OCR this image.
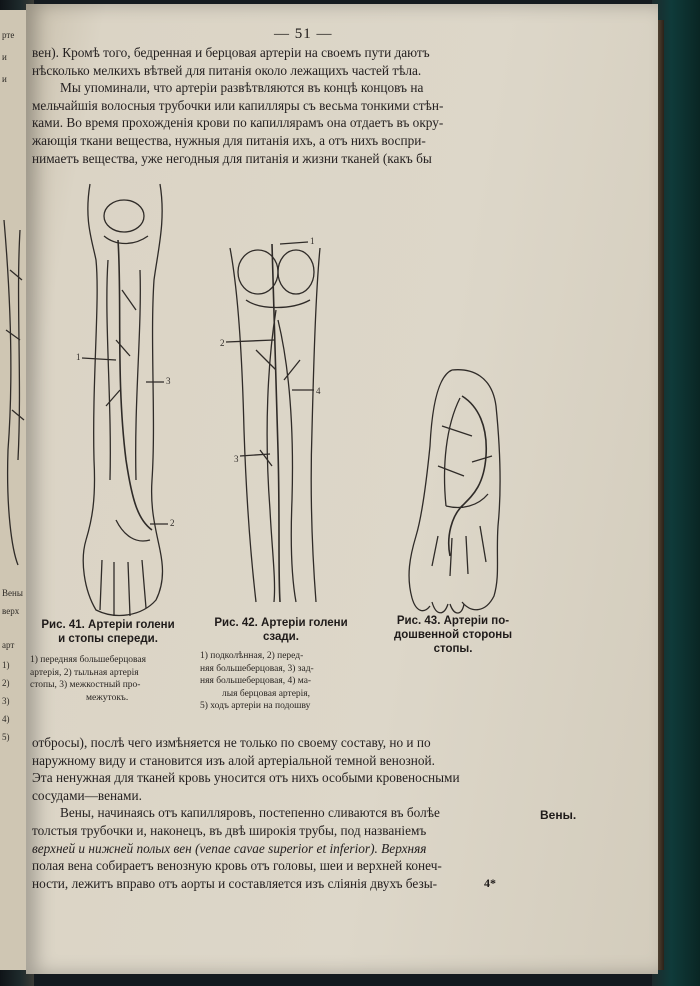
рте
и
и
Вены
верх
арт
1)
2)
3)
4)
5)
— 51 —
вен). Кромѣ того, бедренная и берцовая артеріи на своемъ пути даютъ
нѣсколько мелкихъ вѣтвей для питанія около лежащихъ частей тѣла.
Мы упоминали, что артеріи развѣтвляются въ концѣ концовъ на
мельчайшія волосныя трубочки или капилляры съ весьма тонкими стѣн-
ками. Во время прохожденія крови по капиллярамъ она отдаетъ въ окру-
жающія ткани вещества, нужныя для питанія ихъ, а отъ нихъ воспри-
нимаетъ вещества, уже негодныя для питанія и жизни тканей (какъ бы
1
3
2
Рис. 41. Артеріи голени
и стопы спереди.
1) передняя большеберцовая
артерія, 2) тыльная артерія
стопы, 3) межкостный про-
межутокъ.
1
2
4
3
Рис. 42. Артеріи голени
сзади.
1) подколѣнная, 2) перед-
няя большеберцовая, 3) зад-
няя большеберцовая, 4) ма-
лыя берцовая артерія,
5) ходъ артеріи на подошву
Рис. 43. Артеріи по-
дошвенной стороны
стопы.
отбросы), послѣ чего измѣняется не только по своему составу, но и по
наружному виду и становится изъ алой артеріальной темной венозной.
Эта ненужная для тканей кровь уносится отъ нихъ особыми кровеносными
сосудами—венами.
Вены, начинаясь отъ капилляровъ, постепенно сливаются въ болѣе
толстыя трубочки и, наконецъ, въ двѣ широкія трубы, под названіемъ
верхней и нижней полых вен (venae cavae superior et inferior). Верхняя
полая вена собираетъ венозную кровь отъ головы, шеи и верхней конеч-
ности, лежитъ вправо отъ аорты и составляется изъ сліянія двухъ безы-
Вены.
4*
